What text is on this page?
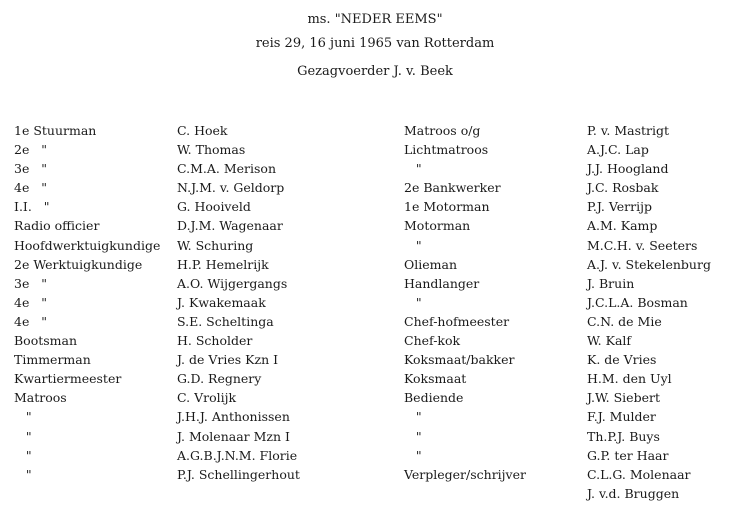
ms. "NEDER EEMS"
reis 29, 16 juni 1965 van Rotterdam
Gezagvoerder J. v. Beek
1e Stuurman
2e   "
3e   "
4e   "
I.I.   "
Radio officier
Hoofdwerktuigkundige
2e Werktuigkundige
3e   "
4e   "
4e   "
Bootsman
Timmerman
Kwartiermeester
Matroos
"
"
"
"
C. Hoek
W. Thomas
C.M.A. Merison
N.J.M. v. Geldorp
G. Hooiveld
D.J.M. Wagenaar
W. Schuring
H.P. Hemelrijk
A.O. Wijgergangs
J. Kwakemaak
S.E. Scheltinga
H. Scholder
J. de Vries Kzn I
G.D. Regnery
C. Vrolijk
J.H.J. Anthonissen
J. Molenaar Mzn I
A.G.B.J.N.M. Florie
P.J. Schellingerhout
Matroos o/g
Lichtmatroos
"
2e Bankwerker
1e Motorman
Motorman
"
Olieman
Handlanger
"
Chef-hofmeester
Chef-kok
Koksmaat/bakker
Koksmaat
Bediende
"
"
"
Verpleger/schrijver
P. v. Mastrigt
A.J.C. Lap
J.J. Hoogland
J.C. Rosbak
P.J. Verrijp
A.M. Kamp
M.C.H. v. Seeters
A.J. v. Stekelenburg
J. Bruin
J.C.L.A. Bosman
C.N. de Mie
W. Kalf
K. de Vries
H.M. den Uyl
J.W. Siebert
F.J. Mulder
Th.P.J. Buys
G.P. ter Haar
C.L.G. Molenaar
J. v.d. Bruggen
